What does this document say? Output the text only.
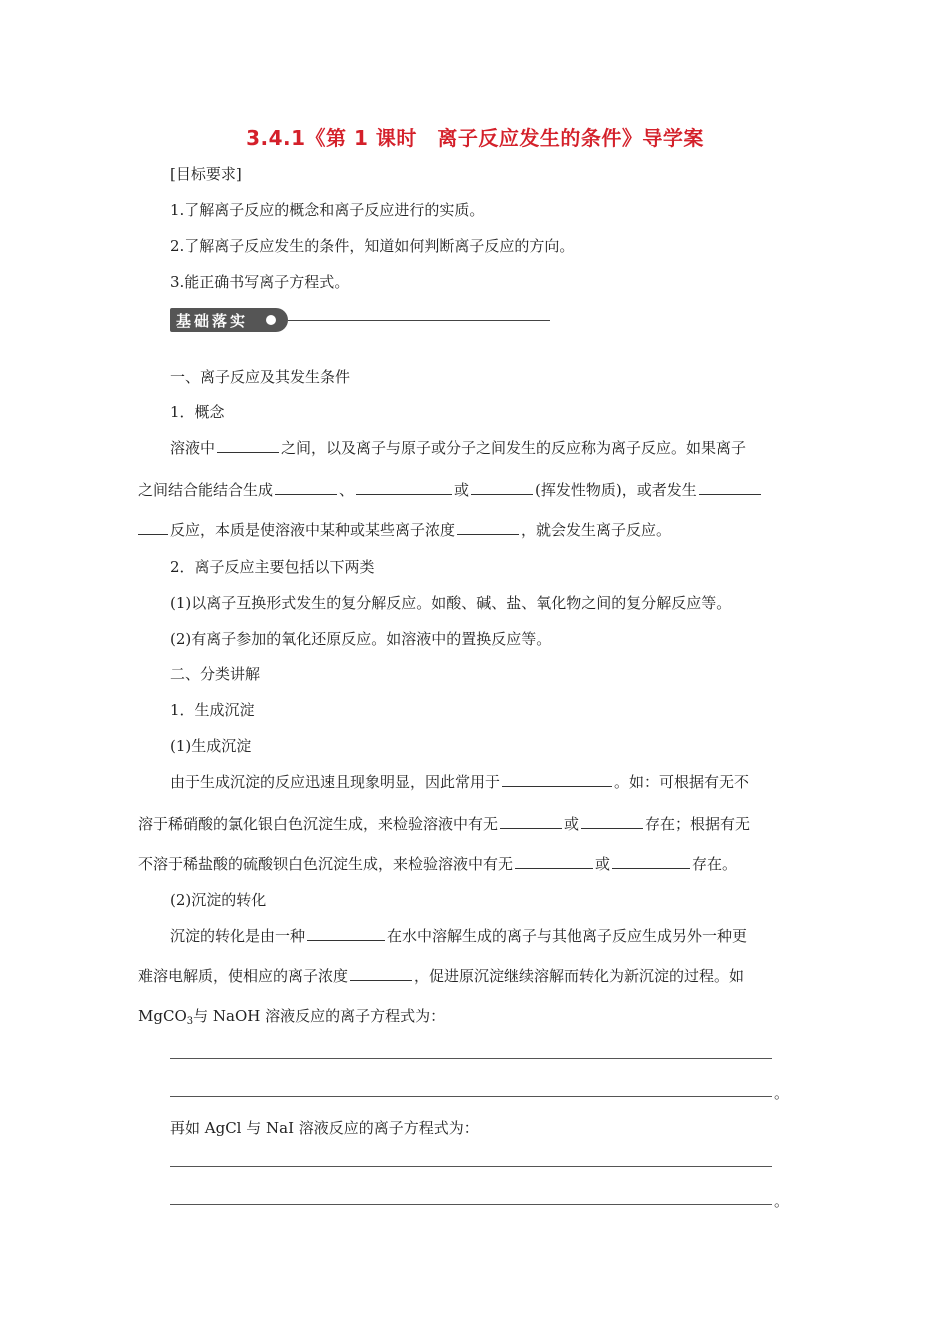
3.4.1《第 1 课时　离子反应发生的条件》导学案
[目标要求]
1.了解离子反应的概念和离子反应进行的实质。
2.了解离子反应发生的条件，知道如何判断离子反应的方向。
3.能正确书写离子方程式。
基础落实
一、离子反应及其发生条件
1．概念
溶液中	之间，以及离子与原子或分子之间发生的反应称为离子反应。如果离子
之间结合能结合生成	、	或	(挥发性物质)，或者发生
反应，本质是使溶液中某种或某些离子浓度	，就会发生离子反应。
2．离子反应主要包括以下两类
(1)以离子互换形式发生的复分解反应。如酸、碱、盐、氧化物之间的复分解反应等。
(2)有离子参加的氧化还原反应。如溶液中的置换反应等。
二、分类讲解
1．生成沉淀
(1)生成沉淀
由于生成沉淀的反应迅速且现象明显，因此常用于	。如：可根据有无不
溶于稀硝酸的氯化银白色沉淀生成，来检验溶液中有无	或	存在；根据有无
不溶于稀盐酸的硫酸钡白色沉淀生成，来检验溶液中有无	或	存在。
(2)沉淀的转化
沉淀的转化是由一种	在水中溶解生成的离子与其他离子反应生成另外一种更
难溶电解质，使相应的离子浓度	，促进原沉淀继续溶解而转化为新沉淀的过程。如
MgCO$_3$与 NaOH 溶液反应的离子方程式为：
。
再如 AgCl 与 NaI 溶液反应的离子方程式为：
。
